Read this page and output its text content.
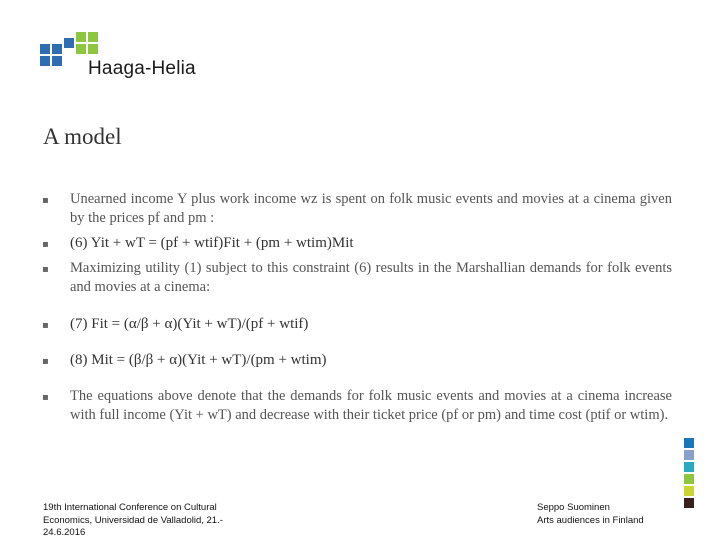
Haaga-Helia
A model
▪ Unearned income Y plus work income wz is spent on folk music events and movies at a cinema given by the prices pf and pm :
▪ (6) Yit + wT = (pf + wtif)Fit + (pm + wtim)Mit
▪ Maximizing utility (1) subject to this constraint (6) results in the Marshallian demands for folk events and movies at a cinema:
▪ (7) Fit = (α/β + α)(Yit + wT)/(pf + wtif)
▪ (8) Mit = (β/β + α)(Yit + wT)/(pm + wtim)
▪ The equations above denote that the demands for folk music events and movies at a cinema increase with full income (Yit + wT) and decrease with their ticket price (pf or pm) and time cost (ptif or wtim).
19th International Conference on Cultural
Economics, Universidad de Valladolid, 21.-
24.6.2016
Seppo Suominen
Arts audiences in Finland
